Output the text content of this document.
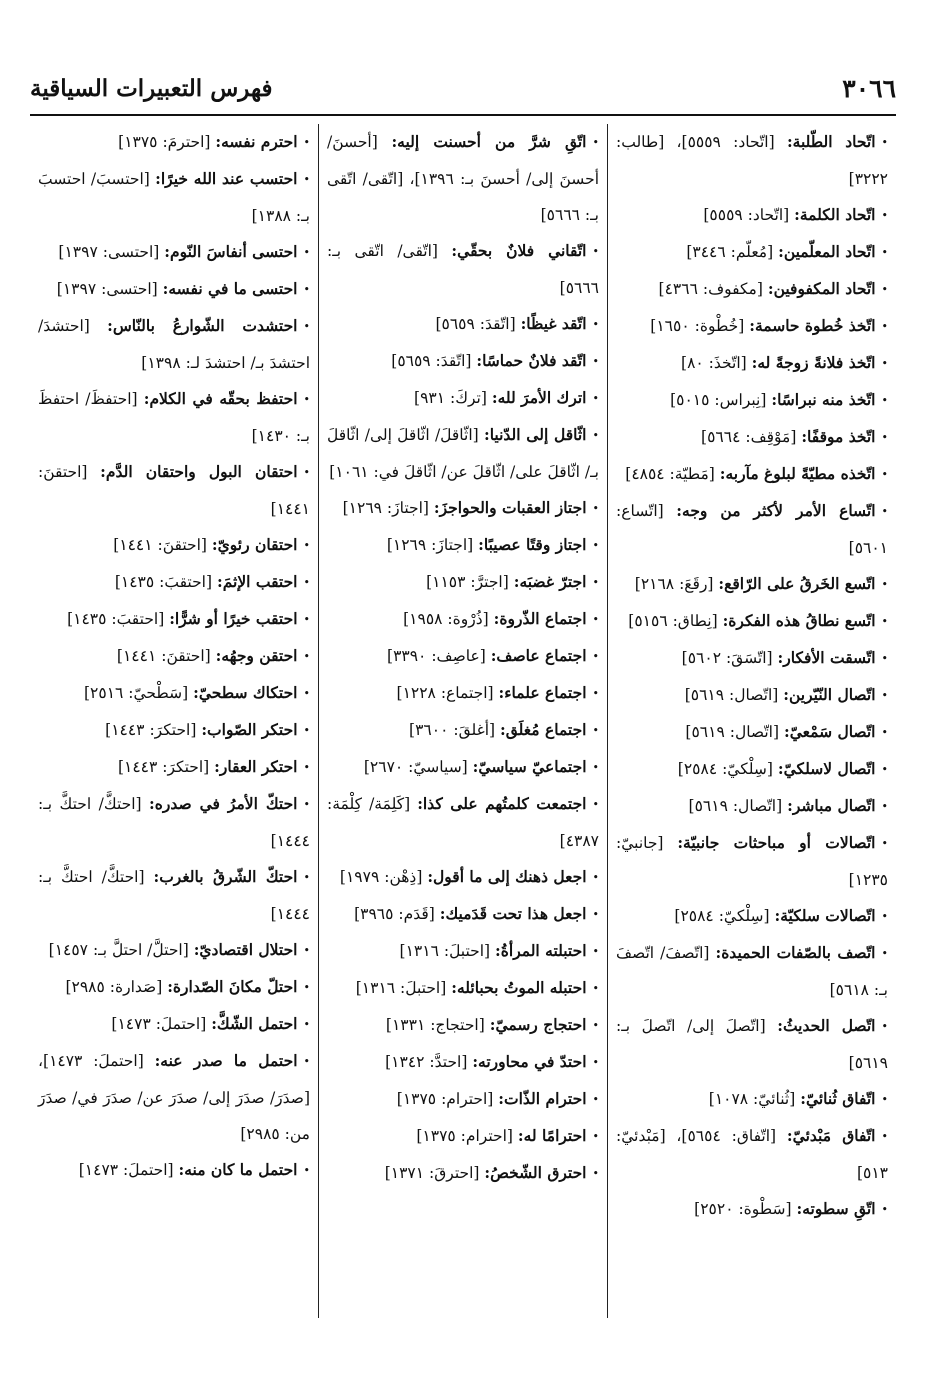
٣٠٦٦
فهرس التعبيرات السياقية

•اتّحاد الطّلبة: [اتّحاد: ٥٥٥٩]، [طالب: ٣٢٢٢]

•اتّحاد الكلمة: [اتّحاد: ٥٥٥٩]

•اتّحاد المعلّمين: [مُعلّم: ٣٤٤٦]

•اتّحاد المكفوفين: [مكفوف: ٤٣٦٦]

•اتّخذ خُطوة حاسمة: [خُطْوة: ١٦٥٠]

•اتّخذ فلانةً زوجةً له: [اتّخذَ: ٨٠]

•اتّخذ منه نبراسًا: [نِبراس: ٥٠١٥]

•اتّخذ موقفًا: [مَوْقِف: ٥٦٦٤]

•اتّخذه مطيّةً لبلوغ مآربه: [مَطيّة: ٤٨٥٤]

•اتّساع الأمر لأكثر من وجه: [اتّساع: ٥٦٠١]

•اتّسع الخَرقُ على الرّاقع: [رقَعَ: ٢١٦٨]

•اتّسع نطاقُ هذه الفكرة: [نِطاق: ٥١٥٦]

•اتّسقت الأفكار: [اتّسَقَ: ٥٦٠٢]

•اتّصال النّيّرين: [اتّصال: ٥٦١٩]

•اتّصال سَمْعيّ: [اتّصال: ٥٦١٩]

•اتّصال لاسلكيّ: [سِلْكيّ: ٢٥٨٤]

•اتّصال مباشر: [اتّصال: ٥٦١٩]

•اتّصالات أو مباحثات جانبيّة: [جانبيّ: ١٢٣٥]

•اتّصالات سلكيّة: [سِلْكيّ: ٢٥٨٤]

•اتّصف بالصّفات الحميدة: [اتّصفَ/ اتّصفَ بـ: ٥٦١٨]

•اتّصل الحديثُ: [اتّصلَ إلى/ اتّصلَ بـ: ٥٦١٩]

•اتّفاق ثُنائيّ: [ثُنائيّ: ١٠٧٨]

•اتّفاق مَبْدئيّ: [اتّفاق: ٥٦٥٤]، [مَبْدئيّ: ٥١٣]

•اتّقِ سطوته: [سَطْوة: ٢٥٢٠]

•اتّقِ شرَّ من أحسنت إليه: [أحسنَ/ أحسنَ إلى/ أحسنَ بـ: ١٣٩٦]، [اتّقى/ اتّقى بـ: ٥٦٦٦]

•اتّقاني فلانٌ بحقّي: [اتّقى/ اتّقى بـ: ٥٦٦٦]

•اتّقد غيظًا: [اتّقدَ: ٥٦٥٩]

•اتّقد فلانٌ حماسًا: [اتّقدَ: ٥٦٥٩]

•اترك الأمرَ لله: [تركَ: ٩٣١]

•اثّاقل إلى الدّنيا: [اثّاقلَ/ اثّاقلَ إلى/ اثّاقلَ بـ/ اثّاقلَ على/ اثّاقلَ عن/ اثّاقلَ في: ١٠٦١]

•اجتاز العقبات والحواجزَ: [اجتازَ: ١٢٦٩]

•اجتاز وقتًا عصيبًا: [اجتازَ: ١٢٦٩]

•اجترّ غضبَه: [اجترَّ: ١١٥٣]

•اجتماع الذّروة: [ذُرْوة: ١٩٥٨]

•اجتماع عاصف: [عاصِف: ٣٣٩٠]

•اجتماع علماء: [اجتماع: ١٢٢٨]

•اجتماع مُغلَق: [أغلقَ: ٣٦٠٠]

•اجتماعيّ سياسيّ: [سياسيّ: ٢٦٧٠]

•اجتمعت كلمتُهم على كذا: [كَلِمَة/ كِلْمَة: ٤٣٨٧]

•اجعل ذهنك إلى ما أقول: [ذِهْن: ١٩٧٩]

•اجعل هذا تحت قَدَميك: [قَدَم: ٣٩٦٥]

•احتبلته المرأةُ: [احتبلَ: ١٣١٦]

•احتبله الموتُ بحبائله: [احتبلَ: ١٣١٦]

•احتجاج رسميّ: [احتجاج: ١٣٣١]

•احتدّ في محاورته: [احتدَّ: ١٣٤٢]

•احترام الذّات: [احترام: ١٣٧٥]

•احترامًا له: [احترام: ١٣٧٥]

•احترق الشّخصُ: [احترقَ: ١٣٧١]

•احترم نفسه: [احترمَ: ١٣٧٥]

•احتسب عند الله خيرًا: [احتسبَ/ احتسبَ بـ: ١٣٨٨]

•احتسى أنفاسَ النّوم: [احتسى: ١٣٩٧]

•احتسى ما في نفسه: [احتسى: ١٣٩٧]

•احتشدت الشّوارعُ بالنّاس: [احتشدَ/ احتشدَ بـ/ احتشدَ لـ: ١٣٩٨]

•احتفظ بحقّه في الكلام: [احتفظَ/ احتفظَ بـ: ١٤٣٠]

•احتقان البول واحتقان الدَّم: [احتقنَ: ١٤٤١]

•احتقان رئويّ: [احتقنَ: ١٤٤١]

•احتقب الإثمَ: [احتقبَ: ١٤٣٥]

•احتقب خيرًا أو شرًّا: [احتقبَ: ١٤٣٥]

•احتقن وجهُه: [احتقنَ: ١٤٤١]

•احتكاك سطحيّ: [سَطْحيّ: ٢٥١٦]

•احتكر الصّواب: [احتكرَ: ١٤٤٣]

•احتكر العقار: [احتكرَ: ١٤٤٣]

•احتكّ الأمرُ في صدره: [احتكَّ/ احتكَّ بـ: ١٤٤٤]

•احتكّ الشّرقُ بالغرب: [احتكَّ/ احتكَّ بـ: ١٤٤٤]

•احتلال اقتصاديّ: [احتلَّ/ احتلَّ بـ: ١٤٥٧]

•احتلّ مكانَ الصّدارة: [صَدارة: ٢٩٨٥]

•احتمل الشّكَّ: [احتملَ: ١٤٧٣]

•احتمل ما صدر عنه: [احتملَ: ١٤٧٣]، [صدَرَ/ صدَرَ إلى/ صدَرَ عن/ صدَرَ في/ صدَرَ من: ٢٩٨٥]

•احتمل ما كان منه: [احتملَ: ١٤٧٣]
